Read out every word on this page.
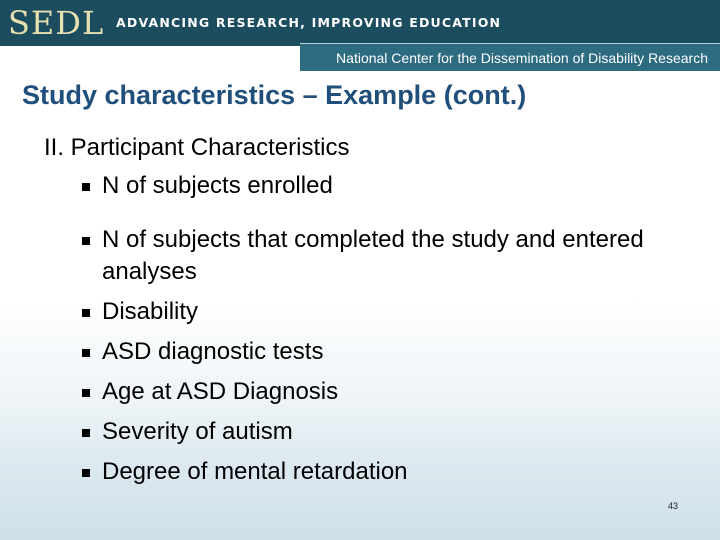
SEDL ADVANCING RESEARCH, IMPROVING EDUCATION
National Center for the Dissemination of Disability Research
Study characteristics – Example (cont.)
II. Participant Characteristics
N of subjects enrolled
N of subjects that completed the study and entered analyses
Disability
ASD diagnostic tests
Age at ASD Diagnosis
Severity of autism
Degree of mental retardation
43
